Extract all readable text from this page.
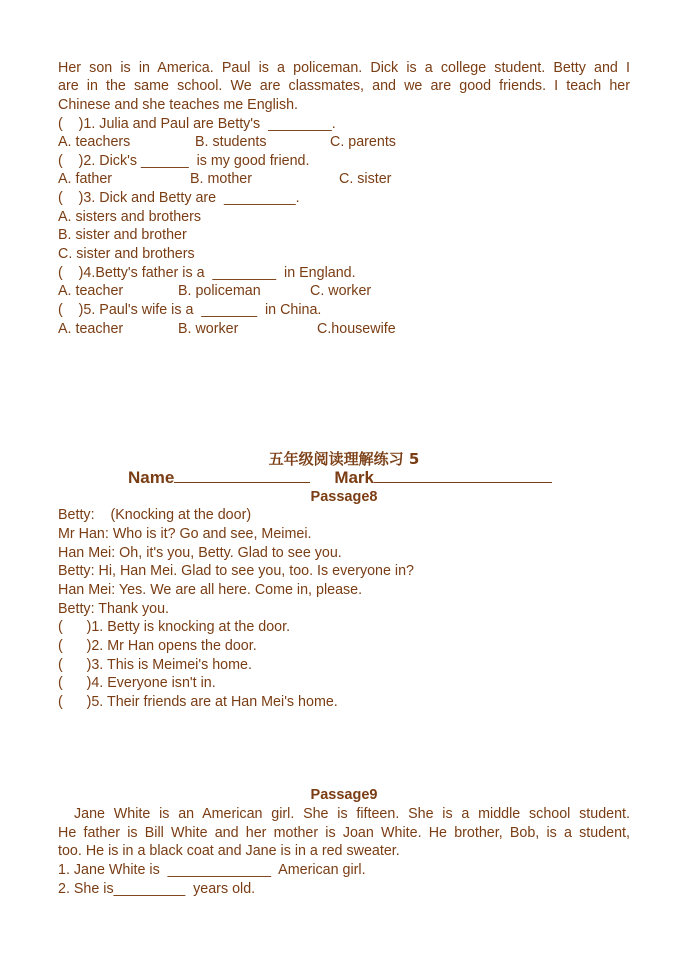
Her son is in America. Paul is a policeman. Dick is a college student. Betty and I
are in the same school. We are classmates, and we are good friends. I teach her
Chinese and she teaches me English.
(    )1. Julia and Paul are Betty's  ________.
A. teachers	B. students	C. parents
(    )2. Dick's ______  is my good friend.
A. father	B. mother	C. sister
(    )3. Dick and Betty are  _________.
A. sisters and brothers
B. sister and brother
C. sister and brothers
(    )4.Betty's father is a  ________  in England.
A. teacher	B. policeman	C. worker
(    )5. Paul's wife is a  _______  in China.
A. teacher	B. worker	C.housewife
五年级阅读理解练习 5
Name	Mark
Passage8
Betty:    (Knocking at the door)
Mr Han: Who is it? Go and see, Meimei.
Han Mei: Oh, it's you, Betty. Glad to see you.
Betty: Hi, Han Mei. Glad to see you, too. Is everyone in?
Han Mei: Yes. We are all here. Come in, please.
Betty: Thank you.
(      )1. Betty is knocking at the door.
(      )2. Mr Han opens the door.
(      )3. This is Meimei's home.
(      )4. Everyone isn't in.
(      )5. Their friends are at Han Mei's home.
Passage9
Jane White is an American girl. She is fifteen. She is a middle school student.
He father is Bill White and her mother is Joan White. He brother, Bob, is a student,
too. He is in a black coat and Jane is in a red sweater.
1. Jane White is  _____________  American girl.
2. She is_________  years old.
